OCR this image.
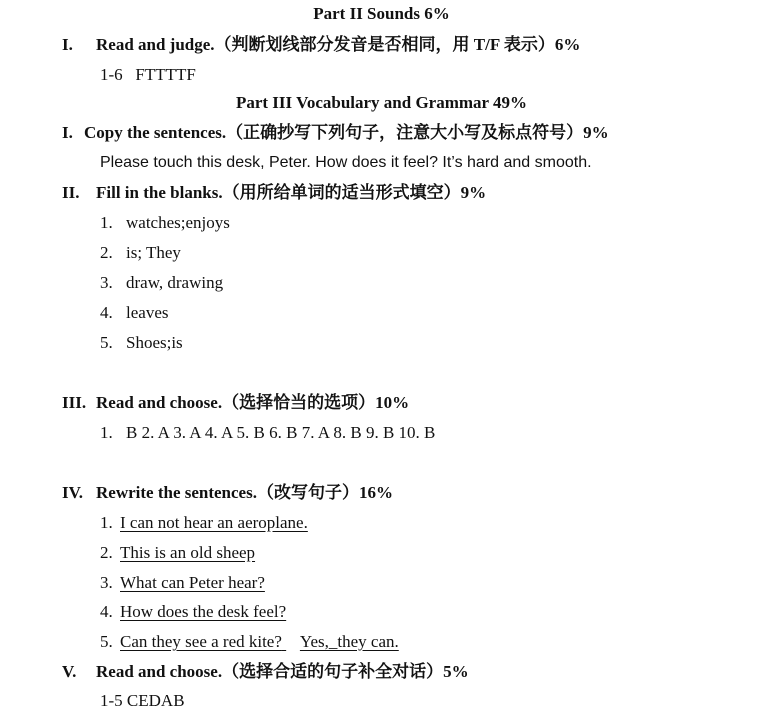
Part II Sounds 6%
I. Read and judge.（判断划线部分发音是否相同，用 T/F 表示）6%
1-6   FTTTTF
Part III Vocabulary and Grammar 49%
I. Copy the sentences.（正确抄写下列句子，注意大小写及标点符号）9%
Please touch this desk, Peter. How does it feel? It’s hard and smooth.
II. Fill in the blanks.（用所给单词的适当形式填空）9%
1. watches;enjoys
2. is; They
3. draw, drawing
4. leaves
5. Shoes;is
III. Read and choose.（选择恰当的选项）10%
1. B 2. A 3. A 4. A 5. B 6. B 7. A 8. B 9. B 10. B
IV. Rewrite the sentences.（改写句子）16%
1. I can not hear an aeroplane.
2. This is an old sheep
3. What can Peter hear?
4. How does the desk feel?
5. Can they see a red kite? Yes,_they can.
V. Read and choose.（选择合适的句子补全对话）5%
1-5 CEDAB
